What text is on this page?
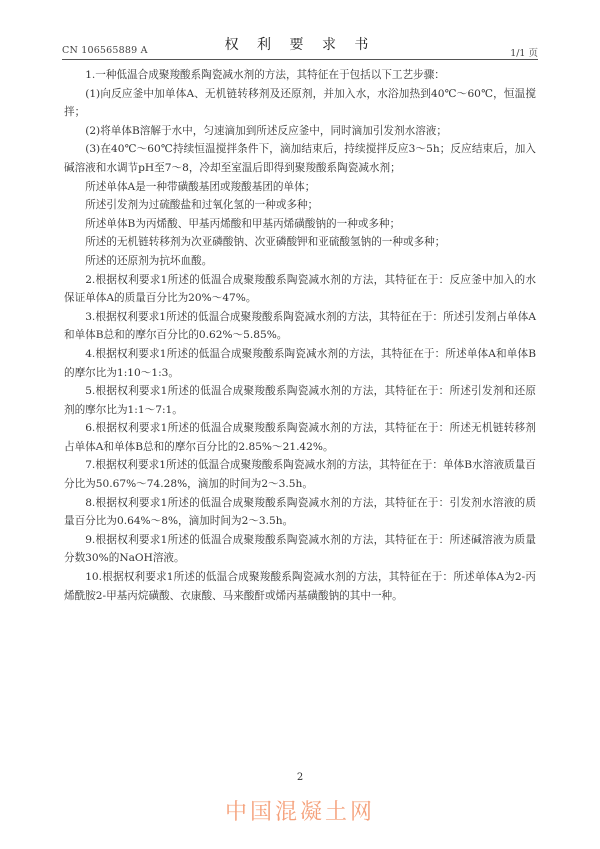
CN 106565889 A	权 利 要 求 书
1/1 页

1.一种低温合成聚羧酸系陶瓷减水剂的方法，其特征在于包括以下工艺步骤：

(1)向反应釜中加单体A、无机链转移剂及还原剂，并加入水，水浴加热到40℃～60℃，恒温搅拌；

(2)将单体B溶解于水中，匀速滴加到所述反应釜中，同时滴加引发剂水溶液；

(3)在40℃～60℃持续恒温搅拌条件下，滴加结束后，持续搅拌反应3～5h；反应结束后，加入碱溶液和水调节pH至7～8，冷却至室温后即得到聚羧酸系陶瓷减水剂；

所述单体A是一种带磺酸基团或羧酸基团的单体；

所述引发剂为过硫酸盐和过氧化氢的一种或多种；

所述单体B为丙烯酸、甲基丙烯酸和甲基丙烯磺酸钠的一种或多种；

所述的无机链转移剂为次亚磷酸钠、次亚磷酸钾和亚硫酸氢钠的一种或多种；

所述的还原剂为抗坏血酸。

2.根据权利要求1所述的低温合成聚羧酸系陶瓷减水剂的方法，其特征在于：反应釜中加入的水保证单体A的质量百分比为20%～47%。

3.根据权利要求1所述的低温合成聚羧酸系陶瓷减水剂的方法，其特征在于：所述引发剂占单体A和单体B总和的摩尔百分比的0.62%～5.85%。

4.根据权利要求1所述的低温合成聚羧酸系陶瓷减水剂的方法，其特征在于：所述单体A和单体B的摩尔比为1:10～1:3。

5.根据权利要求1所述的低温合成聚羧酸系陶瓷减水剂的方法，其特征在于：所述引发剂和还原剂的摩尔比为1:1～7:1。

6.根据权利要求1所述的低温合成聚羧酸系陶瓷减水剂的方法，其特征在于：所述无机链转移剂占单体A和单体B总和的摩尔百分比的2.85%～21.42%。

7.根据权利要求1所述的低温合成聚羧酸系陶瓷减水剂的方法，其特征在于：单体B水溶液质量百分比为50.67%～74.28%，滴加的时间为2～3.5h。

8.根据权利要求1所述的低温合成聚羧酸系陶瓷减水剂的方法，其特征在于：引发剂水溶液的质量百分比为0.64%～8%，滴加时间为2～3.5h。

9.根据权利要求1所述的低温合成聚羧酸系陶瓷减水剂的方法，其特征在于：所述碱溶液为质量分数30%的NaOH溶液。

10.根据权利要求1所述的低温合成聚羧酸系陶瓷减水剂的方法，其特征在于：所述单体A为2-丙烯酰胺2-甲基丙烷磺酸、衣康酸、马来酸酐或烯丙基磺酸钠的其中一种。

2
中国混凝土网
